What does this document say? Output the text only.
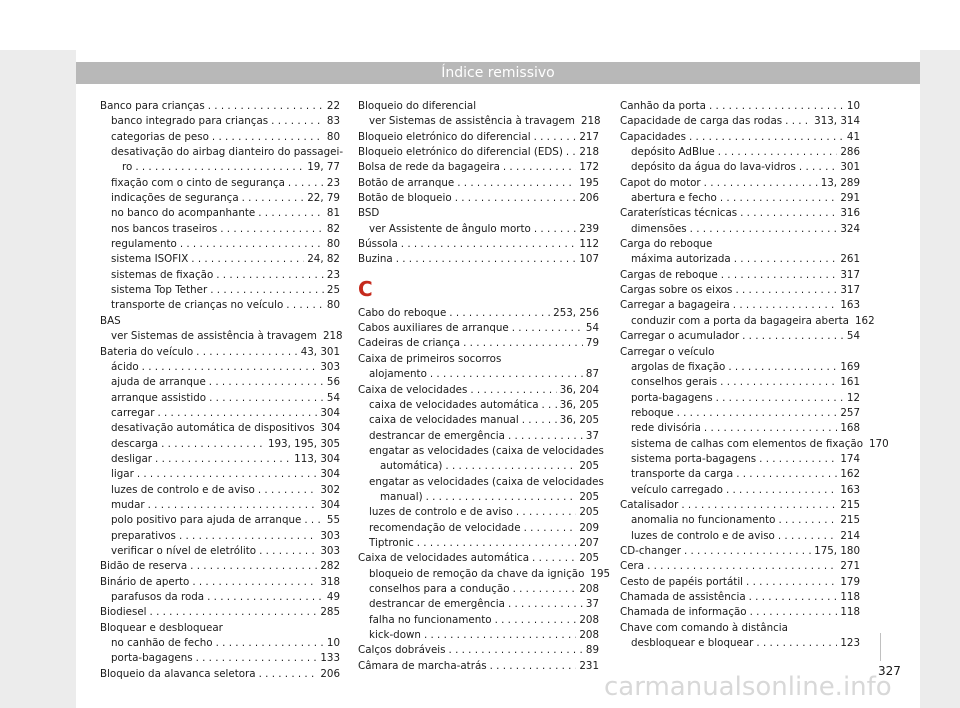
Índice remissivo
Banco para crianças . . .	22
banco integrado para crianças . . .	83
categorias de peso . . .	80
desativação do airbag dianteiro do passagei-
ro . . .	19, 77
fixação com o cinto de segurança . . .	23
indicações de segurança . . .	22, 79
no banco do acompanhante . . .	81
nos bancos traseiros . . .	82
regulamento . . .	80
sistema ISOFIX . . .	24, 82
sistemas de fixação . . .	23
sistema Top Tether . . .	25
transporte de crianças no veículo . . .	80
BAS
ver Sistemas de assistência à travagem 218
Bateria do veículo . . .	43, 301
ácido . . .	303
ajuda de arranque . . .	56
arranque assistido . . .	54
carregar . . .	304
desativação automática de dispositivos 304
descarga . . .	193, 195, 305
desligar . . .	113, 304
ligar . . .	304
luzes de controlo e de aviso . . .	302
mudar . . .	304
polo positivo para ajuda de arranque . . . 55
preparativos . . .	303
verificar o nível de eletrólito . . .	303
Bidão de reserva . . .	282
Binário de aperto . . .	318
parafusos da roda . . .	49
Biodiesel . . .	285
Bloquear e desbloquear
no canhão de fecho . . .	10
porta-bagagens . . .	133
Bloqueio da alavanca seletora . . .	206
Bloqueio do diferencial
ver Sistemas de assistência à travagem 218
Bloqueio eletrónico do diferencial . . .	217
Bloqueio eletrónico do diferencial (EDS) . . . 218
Bolsa de rede da bagageira . . .	172
Botão de arranque . . .	195
Botão de bloqueio . . .	206
BSD
ver Assistente de ângulo morto . . .	239
Bússola . . .	112
Buzina . . .	107
C
Cabo do reboque . . .	253, 256
Cabos auxiliares de arranque . . .	54
Cadeiras de criança . . .	79
Caixa de primeiros socorros
alojamento . . .	87
Caixa de velocidades . . .	36, 204
caixa de velocidades automática . . . 36, 205
caixa de velocidades manual . . .	36, 205
destrancar de emergência . . .	37
engatar as velocidades (caixa de velocidades
automática) . . .	205
engatar as velocidades (caixa de velocidades
manual) . . .	205
luzes de controlo e de aviso . . .	205
recomendação de velocidade . . .	209
Tiptronic . . .	207
Caixa de velocidades automática . . .	205
bloqueio de remoção da chave da ignição 195
conselhos para a condução . . .	208
destrancar de emergência . . .	37
falha no funcionamento . . .	208
kick-down . . .	208
Calços dobráveis . . .	89
Câmara de marcha-atrás . . .	231
Canhão da porta . . .	10
Capacidade de carga das rodas . . .	313, 314
Capacidades . . .	41
depósito AdBlue . . .	286
depósito da água do lava-vidros . . .	301
Capot do motor . . .	13, 289
abertura e fecho . . .	291
Caraterísticas técnicas . . .	316
dimensões . . .	324
Carga do reboque
máxima autorizada . . .	261
Cargas de reboque . . .	317
Cargas sobre os eixos . . .	317
Carregar a bagageira . . .	163
conduzir com a porta da bagageira aberta 162
Carregar o acumulador . . .	54
Carregar o veículo
argolas de fixação . . .	169
conselhos gerais . . .	161
porta-bagagens . . .	12
reboque . . .	257
rede divisória . . .	168
sistema de calhas com elementos de fixação 170
sistema porta-bagagens . . .	174
transporte da carga . . .	162
veículo carregado . . .	163
Catalisador . . .	215
anomalia no funcionamento . . .	215
luzes de controlo e de aviso . . .	214
CD-changer . . .	175, 180
Cera . . .	271
Cesto de papéis portátil . . .	179
Chamada de assistência . . .	118
Chamada de informação . . .	118
Chave com comando à distância
desbloquear e bloquear . . .	123
carmanualsonline.info
327
